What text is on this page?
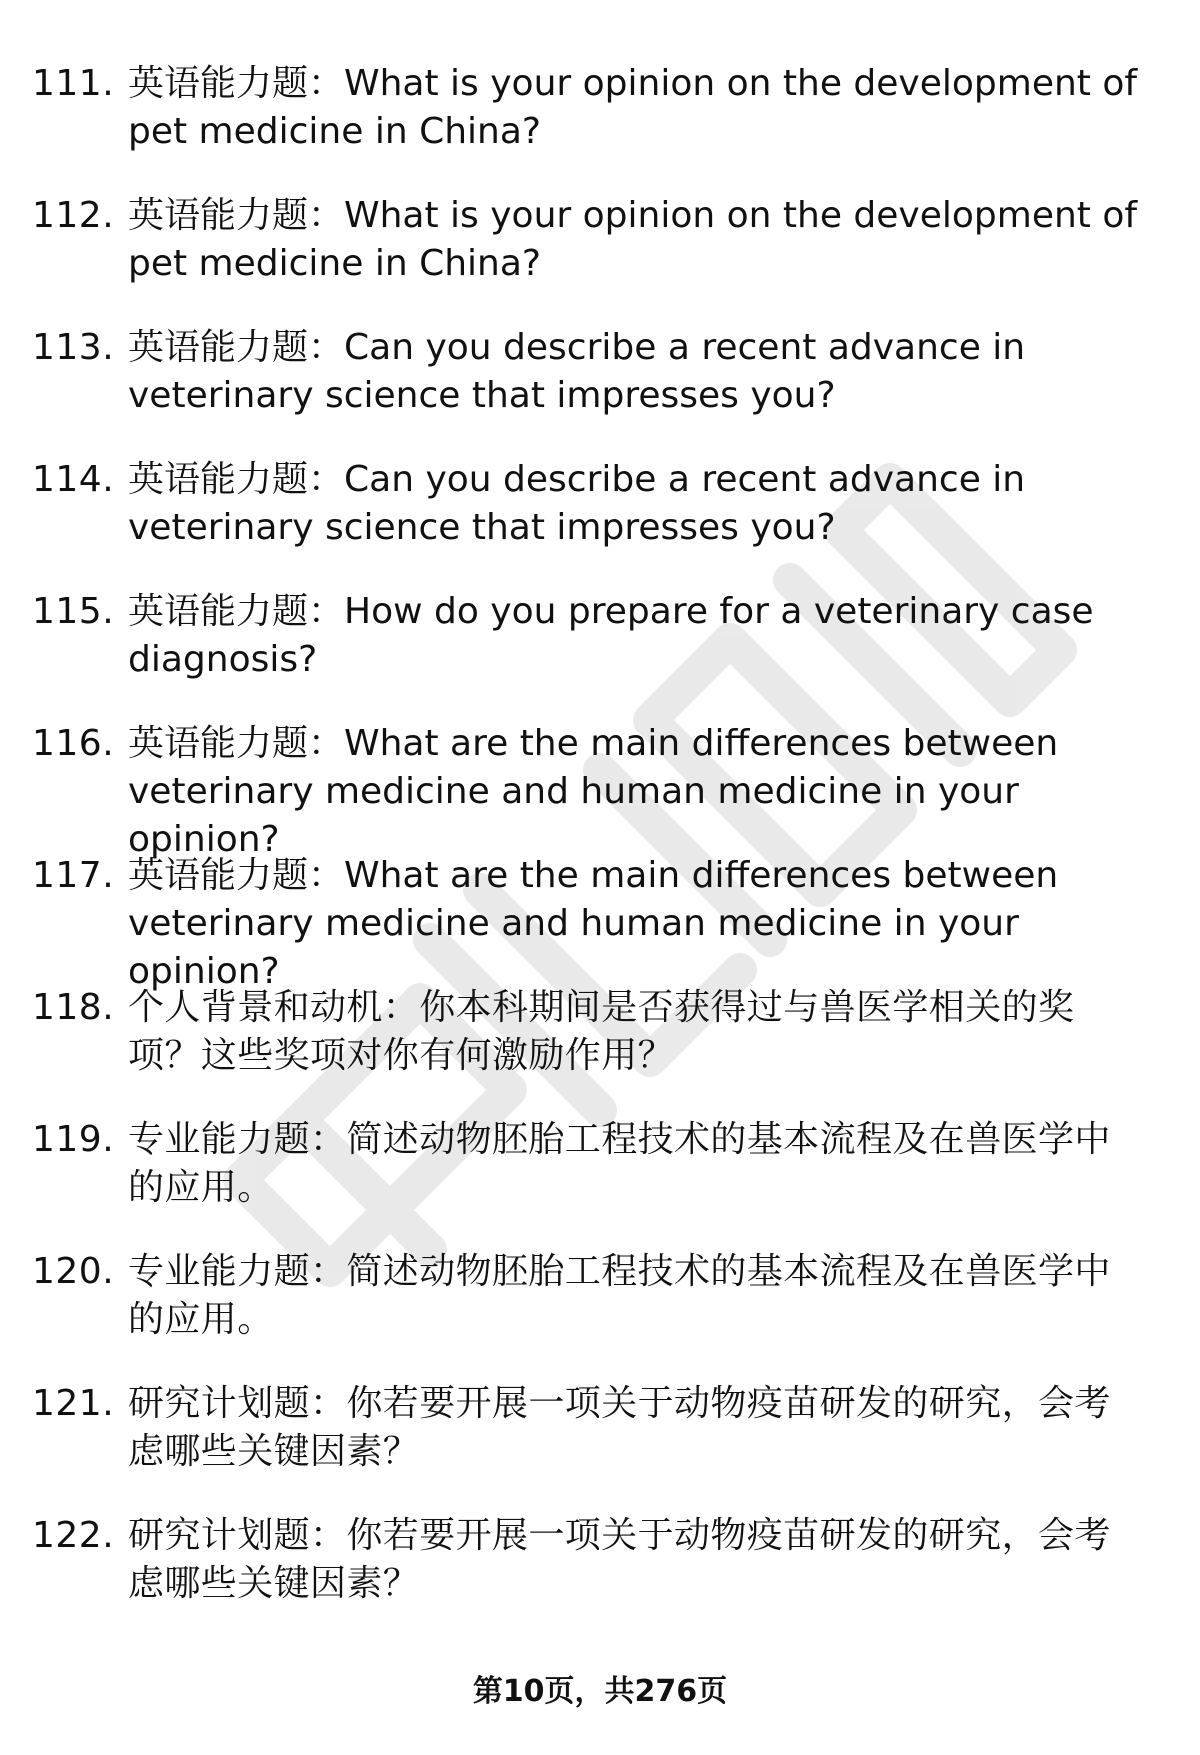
111. 英语能力题：What is your opinion on the development of pet medicine in China?
112. 英语能力题：What is your opinion on the development of pet medicine in China?
113. 英语能力题：Can you describe a recent advance in veterinary science that impresses you?
114. 英语能力题：Can you describe a recent advance in veterinary science that impresses you?
115. 英语能力题：How do you prepare for a veterinary case diagnosis?
116. 英语能力题：What are the main differences between veterinary medicine and human medicine in your opinion?
117. 英语能力题：What are the main differences between veterinary medicine and human medicine in your opinion?
118. 个人背景和动机：你本科期间是否获得过与兽医学相关的奖项？这些奖项对你有何激励作用？
119. 专业能力题：简述动物胚胎工程技术的基本流程及在兽医学中的应用。
120. 专业能力题：简述动物胚胎工程技术的基本流程及在兽医学中的应用。
121. 研究计划题：你若要开展一项关于动物疫苗研发的研究，会考虑哪些关键因素？
122. 研究计划题：你若要开展一项关于动物疫苗研发的研究，会考虑哪些关键因素？
第10页，共276页
